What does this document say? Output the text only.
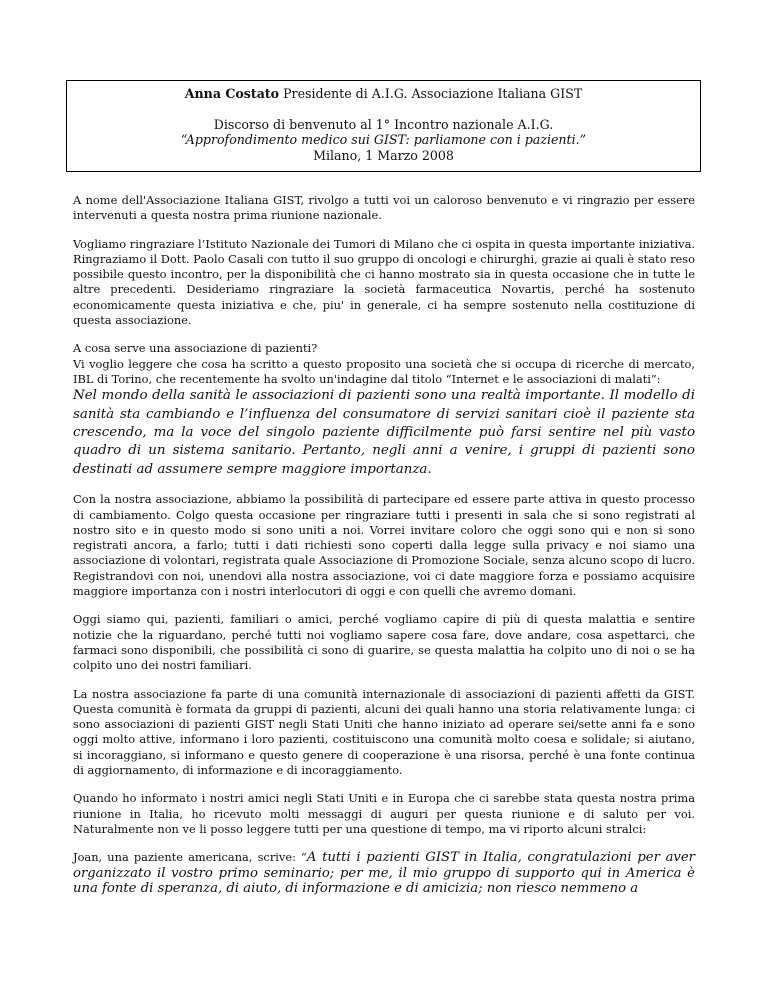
Anna Costato Presidente di A.I.G. Associazione Italiana GIST
Discorso di benvenuto al 1° Incontro nazionale A.I.G.
“Approfondimento medico sui GIST: parliamone con i pazienti.”
Milano, 1 Marzo 2008

A nome dell'Associazione Italiana GIST, rivolgo a tutti voi un caloroso benvenuto e vi ringrazio per essere intervenuti a questa nostra prima riunione nazionale.

Vogliamo ringraziare l’Istituto Nazionale dei Tumori di Milano che ci ospita in questa importante iniziativa. Ringraziamo il Dott. Paolo Casali con tutto il suo gruppo di oncologi e chirurghi, grazie ai quali è stato reso possibile questo incontro, per la disponibilità che ci hanno mostrato sia in questa occasione che in tutte le altre precedenti. Desideriamo ringraziare la società farmaceutica Novartis, perché ha sostenuto economicamente questa iniziativa e che, piu' in generale, ci ha sempre sostenuto nella costituzione di questa associazione.

A cosa serve una associazione di pazienti?

Vi voglio leggere che cosa ha scritto a questo proposito una società che si occupa di ricerche di mercato, IBL di Torino, che recentemente ha svolto un'indagine dal titolo “Internet e le associazioni di malati”:

Nel mondo della sanità le associazioni di pazienti sono una realtà importante. Il modello di sanità sta cambiando e l’influenza del consumatore di servizi sanitari cioè il paziente sta crescendo, ma la voce del singolo paziente difficilmente può farsi sentire nel più vasto quadro di un sistema sanitario. Pertanto, negli anni a venire, i gruppi di pazienti sono destinati ad assumere sempre maggiore importanza.

Con la nostra associazione, abbiamo la possibilità di partecipare ed essere parte attiva in questo processo di cambiamento. Colgo questa occasione per ringraziare tutti i presenti in sala che si sono registrati al nostro sito e in questo modo si sono uniti a noi. Vorrei invitare coloro che oggi sono qui e non si sono registrati ancora, a farlo; tutti i dati richiesti sono coperti dalla legge sulla privacy e noi siamo una associazione di volontari, registrata quale Associazione di Promozione Sociale, senza alcuno scopo di lucro. Registrandovi con noi, unendovi alla nostra associazione, voi ci date maggiore forza e possiamo acquisire maggiore importanza con i nostri interlocutori di oggi e con quelli che avremo domani.

Oggi siamo qui, pazienti, familiari o amici, perché vogliamo capire di più di questa malattia e sentire notizie che la riguardano, perché tutti noi vogliamo sapere cosa fare, dove andare, cosa aspettarci, che farmaci sono disponibili, che possibilità ci sono di guarire, se questa malattia ha colpito uno di noi o se ha colpito uno dei nostri familiari.

La nostra associazione fa parte di una comunità internazionale di associazioni di pazienti affetti da GIST. Questa comunità è formata da gruppi di pazienti, alcuni dei quali hanno una storia relativamente lunga: ci sono associazioni di pazienti GIST negli Stati Uniti che hanno iniziato ad operare sei/sette anni fa e sono oggi molto attive, informano i loro pazienti, costituiscono una comunità molto coesa e solidale; si aiutano, si incoraggiano, si informano e questo genere di cooperazione è una risorsa, perché è una fonte continua di aggiornamento, di informazione e di incoraggiamento.

Quando ho informato i nostri amici negli Stati Uniti e in Europa che ci sarebbe stata questa nostra prima riunione in Italia, ho ricevuto molti messaggi di auguri per questa riunione e di saluto per voi. Naturalmente non ve li posso leggere tutti per una questione di tempo, ma vi riporto alcuni stralci:

Joan, una paziente americana, scrive: “A tutti i pazienti GIST in Italia, congratulazioni per aver organizzato il vostro primo seminario; per me, il mio gruppo di supporto qui in America è una fonte di speranza, di aiuto, di informazione e di amicizia; non riesco nemmeno a
